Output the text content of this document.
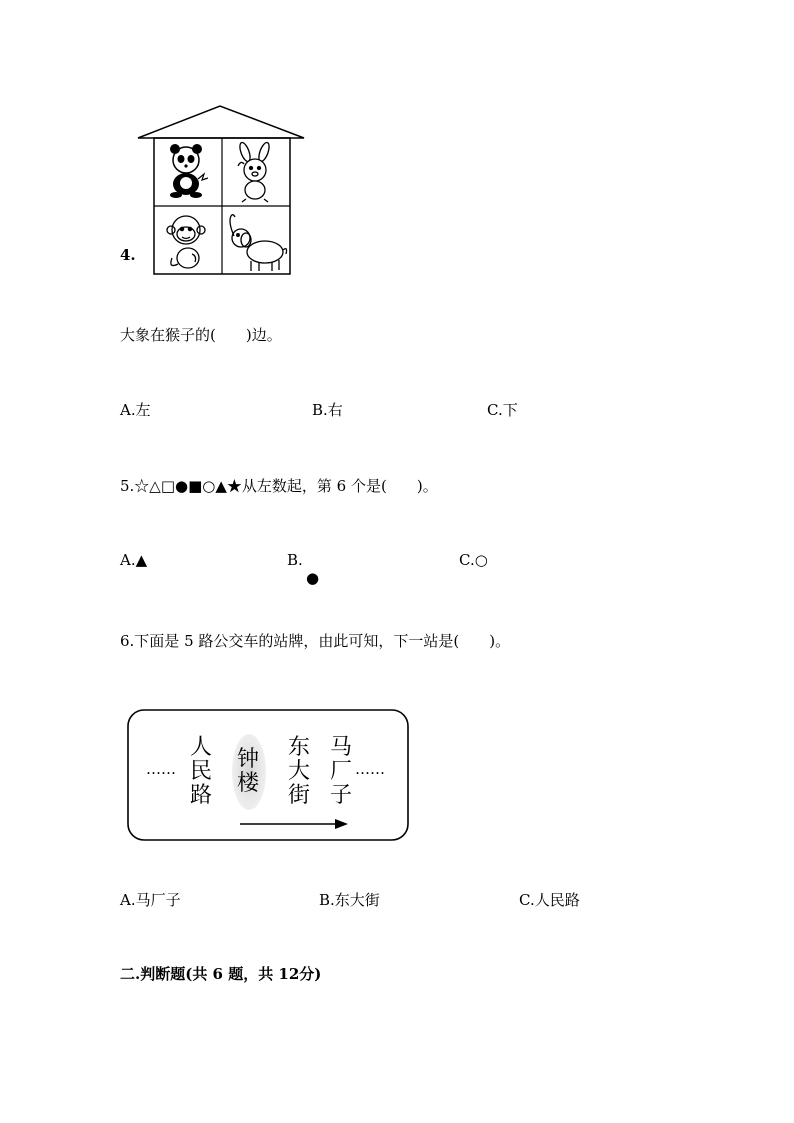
4.
大象在猴子的(　　)边。
A.左	B.右	C.下
5.☆△□●■○▲★从左数起，第 6 个是(　　)。
A.▲	B.
●
C.○
6.下面是 5 路公交车的站牌，由此可知，下一站是(　　)。
……	……
人
民
路
钟
楼
东
大
街
马
厂
子
A.马厂子	B.东大街	C.人民路
二.判断题(共 6 题，共 12分)
